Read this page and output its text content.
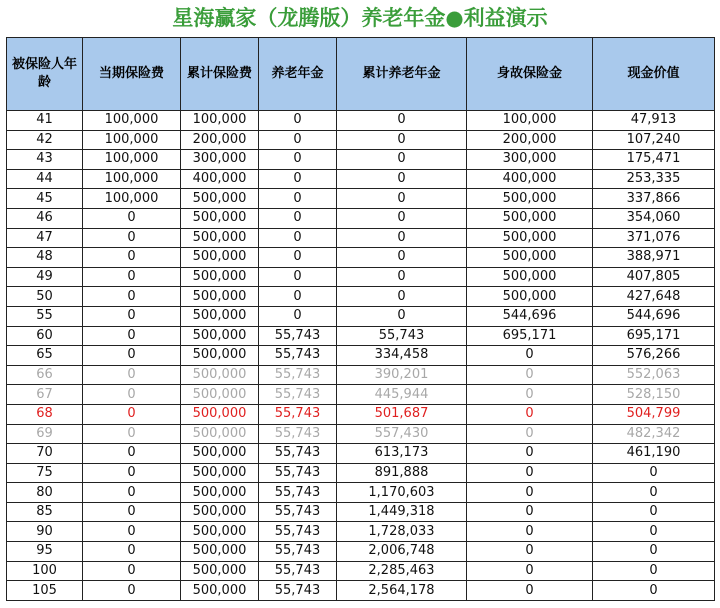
星海赢家（龙腾版）养老年金●利益演示
被保险人年龄	当期保险费	累计保险费	养老年金	累计养老年金	身故保险金	现金价值
41	100,000	100,000	0	0	100,000	47,913
42	100,000	200,000	0	0	200,000	107,240
43	100,000	300,000	0	0	300,000	175,471
44	100,000	400,000	0	0	400,000	253,335
45	100,000	500,000	0	0	500,000	337,866
46	0	500,000	0	0	500,000	354,060
47	0	500,000	0	0	500,000	371,076
48	0	500,000	0	0	500,000	388,971
49	0	500,000	0	0	500,000	407,805
50	0	500,000	0	0	500,000	427,648
55	0	500,000	0	0	544,696	544,696
60	0	500,000	55,743	55,743	695,171	695,171
65	0	500,000	55,743	334,458	0	576,266
66	0	500,000	55,743	390,201	0	552,063
67	0	500,000	55,743	445,944	0	528,150
68	0	500,000	55,743	501,687	0	504,799
69	0	500,000	55,743	557,430	0	482,342
70	0	500,000	55,743	613,173	0	461,190
75	0	500,000	55,743	891,888	0	0
80	0	500,000	55,743	1,170,603	0	0
85	0	500,000	55,743	1,449,318	0	0
90	0	500,000	55,743	1,728,033	0	0
95	0	500,000	55,743	2,006,748	0	0
100	0	500,000	55,743	2,285,463	0	0
105	0	500,000	55,743	2,564,178	0	0
